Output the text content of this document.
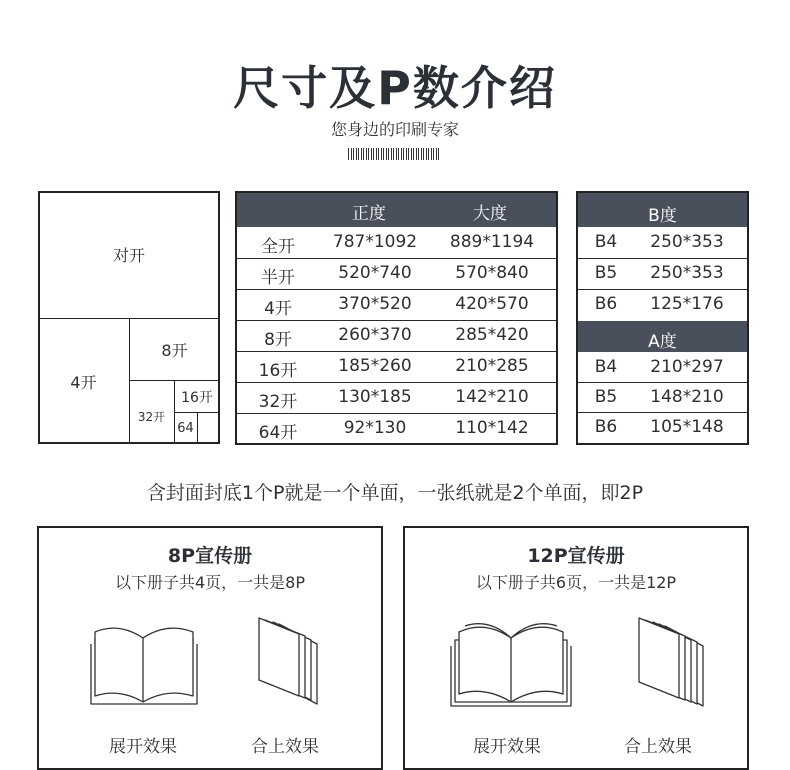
尺寸及P数介绍
您身边的印刷专家
对开
4开
8开
32开
16开
64
正度	大度
全开	787*1092	889*1194
半开	520*740	570*840
4开	370*520	420*570
8开	260*370	285*420
16开	185*260	210*285
32开	130*185	142*210
64开	92*130	110*142
B度
A度
B4	250*353
B5	250*353
B6	125*176
B4	210*297
B5	148*210
B6	105*148
含封面封底1个P就是一个单面，一张纸就是2个单面，即2P
8P宣传册
以下册子共4页，一共是8P
展开效果	合上效果
12P宣传册
以下册子共6页，一共是12P
展开效果	合上效果
